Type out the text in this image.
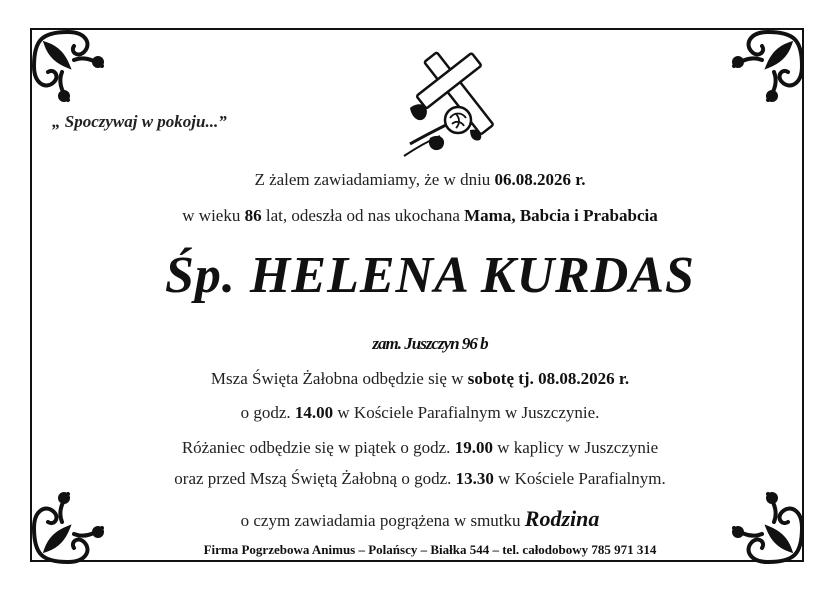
„ Spoczywaj w pokoju...”
Z żalem zawiadamiamy, że w dniu 06.08.2026 r.
w wieku 86 lat, odeszła od nas ukochana Mama, Babcia i Prababcia
Śp. HELENA KURDAS
zam. Juszczyn 96 b
Msza Święta Żałobna odbędzie się w sobotę tj. 08.08.2026 r.
o godz. 14.00 w Kościele Parafialnym w Juszczynie.
Różaniec odbędzie się w piątek o godz. 19.00 w kaplicy w Juszczynie
oraz przed Mszą Świętą Żałobną o godz. 13.30 w Kościele Parafialnym.
o czym zawiadamia pogrążena w smutku Rodzina
Firma Pogrzebowa Animus – Polańscy – Białka 544 – tel. całodobowy 785 971 314
